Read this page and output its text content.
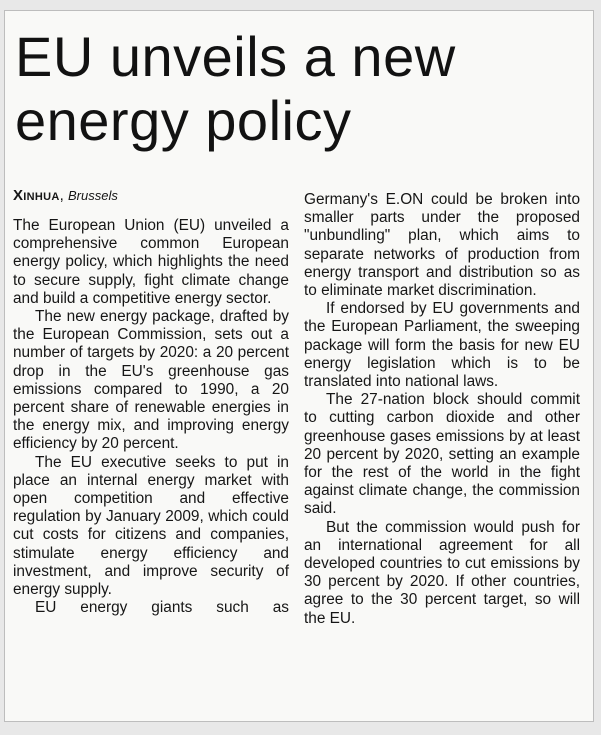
EU unveils a new energy policy
Xinhua, Brussels

The European Union (EU) unveiled a comprehensive common European energy policy, which highlights the need to secure supply, fight climate change and build a competitive energy sector.

The new energy package, drafted by the European Commission, sets out a number of targets by 2020: a 20 percent drop in the EU's greenhouse gas emissions compared to 1990, a 20 percent share of renewable energies in the energy mix, and improving energy efficiency by 20 percent.

The EU executive seeks to put in place an internal energy market with open competition and effective regulation by January 2009, which could cut costs for citizens and companies, stimulate energy efficiency and investment, and improve security of energy supply.

EU energy giants such as

Germany's E.ON could be broken into smaller parts under the proposed "unbundling" plan, which aims to separate networks of production from energy transport and distribution so as to eliminate market discrimination.

If endorsed by EU governments and the European Parliament, the sweeping package will form the basis for new EU energy legislation which is to be translated into national laws.

The 27-nation block should commit to cutting carbon dioxide and other greenhouse gases emissions by at least 20 percent by 2020, setting an example for the rest of the world in the fight against climate change, the commission said.

But the commission would push for an international agreement for all developed countries to cut emissions by 30 percent by 2020. If other countries, agree to the 30 percent target, so will the EU.
